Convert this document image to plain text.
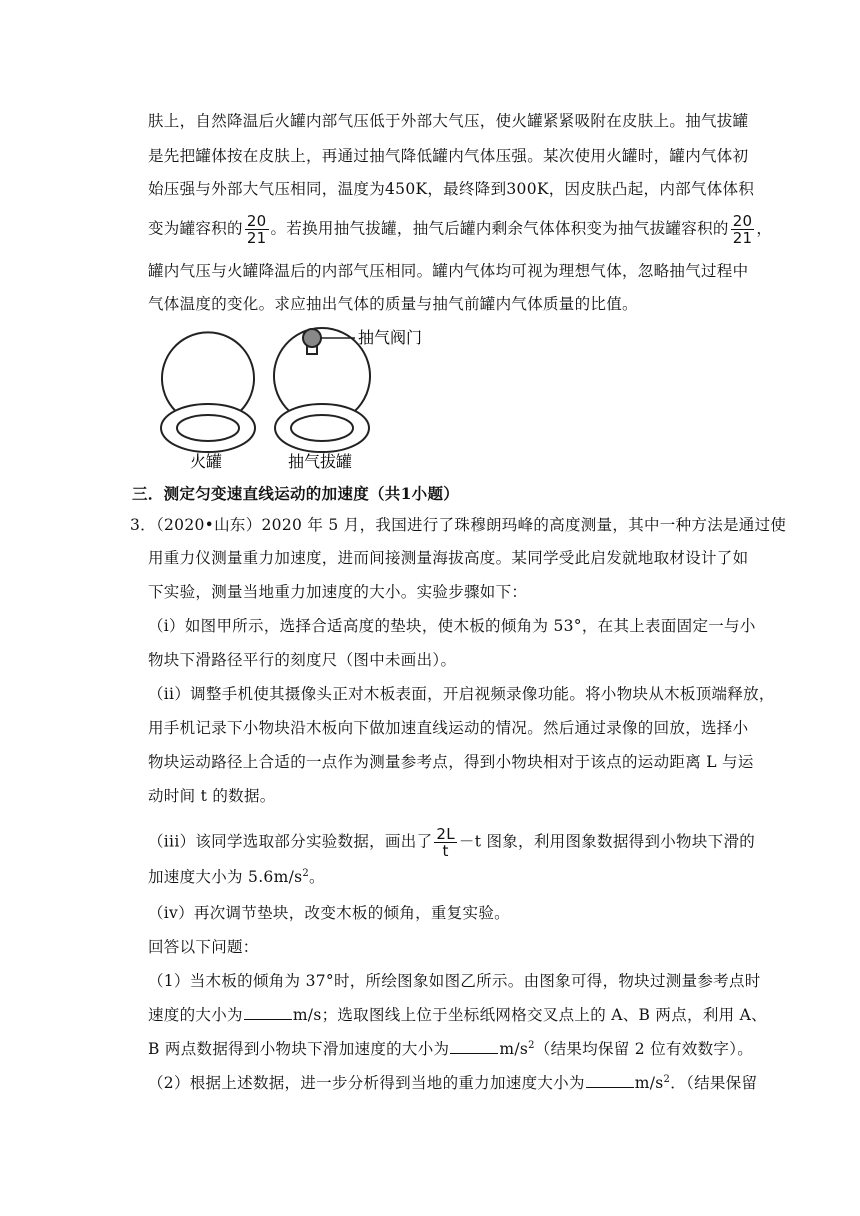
肤上，自然降温后火罐内部气压低于外部大气压，使火罐紧紧吸附在皮肤上。抽气拔罐
是先把罐体按在皮肤上，再通过抽气降低罐内气体压强。某次使用火罐时，罐内气体初
始压强与外部大气压相同，温度为450K，最终降到300K，因皮肤凸起，内部气体体积
变为罐容积的 $\frac{20}{21}$ 。若换用抽气拔罐，抽气后罐内剩余气体体积变为抽气拔罐容积的 $\frac{20}{21}$ ，
罐内气压与火罐降温后的内部气压相同。罐内气体均可视为理想气体，忽略抽气过程中
气体温度的变化。求应抽出气体的质量与抽气前罐内气体质量的比值。
抽气阀门
火罐	抽气拔罐
三．测定匀变速直线运动的加速度（共1小题）
3．（2020•山东）2020 年 5 月，我国进行了珠穆朗玛峰的高度测量，其中一种方法是通过使
用重力仪测量重力加速度，进而间接测量海拔高度。某同学受此启发就地取材设计了如
下实验，测量当地重力加速度的大小。实验步骤如下：
（i）如图甲所示，选择合适高度的垫块，使木板的倾角为 53°，在其上表面固定一与小
物块下滑路径平行的刻度尺（图中未画出）。
（ii）调整手机使其摄像头正对木板表面，开启视频录像功能。将小物块从木板顶端释放，
用手机记录下小物块沿木板向下做加速直线运动的情况。然后通过录像的回放，选择小
物块运动路径上合适的一点作为测量参考点，得到小物块相对于该点的运动距离 L 与运
动时间 t 的数据。
（iii）该同学选取部分实验数据，画出了 $\frac{2L}{t} -t$ 图象，利用图象数据得到小物块下滑的
加速度大小为 $5.6m/s^2$。
（iv）再次调节垫块，改变木板的倾角，重复实验。
回答以下问题：
（1）当木板的倾角为 37°时，所绘图象如图乙所示。由图象可得，物块过测量参考点时
速度的大小为	m/s；选取图线上位于坐标纸网格交叉点上的 A、B 两点，利用 A、
B 两点数据得到小物块下滑加速度的大小为	$m/s^2$（结果均保留 2 位有效数字）。
（2）根据上述数据，进一步分析得到当地的重力加速度大小为	$m/s^2$．（结果保留
